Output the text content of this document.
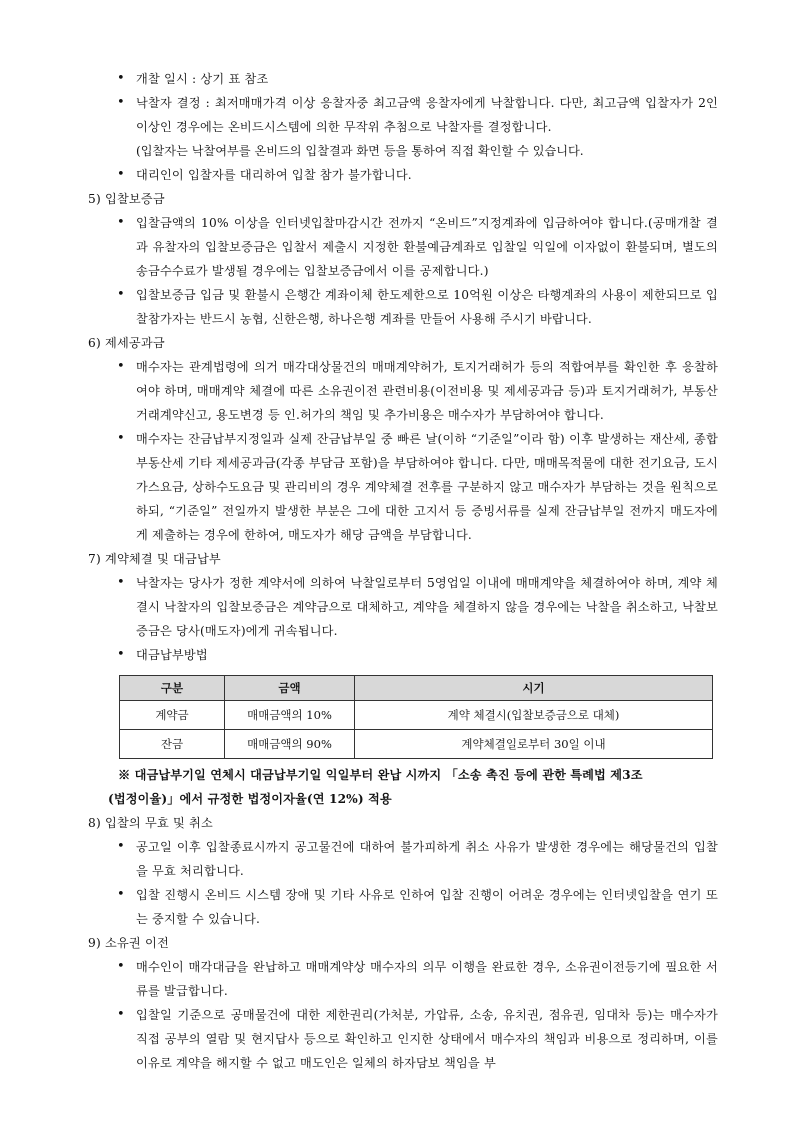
• 개찰 일시 : 상기 표 참조
• 낙찰자 결정 : 최저매매가격 이상 응찰자중 최고금액 응찰자에게 낙찰합니다. 다만, 최고금액 입찰자가 2인 이상인 경우에는 온비드시스템에 의한 무작위 추첨으로 낙찰자를 결정합니다.
(입찰자는 낙찰여부를 온비드의 입찰결과 화면 등을 통하여 직접 확인할 수 있습니다.
• 대리인이 입찰자를 대리하여 입찰 참가 불가합니다.
5) 입찰보증금
• 입찰금액의 10% 이상을 인터넷입찰마감시간 전까지 “온비드”지정계좌에 입금하여야 합니다.(공매개찰 결과 유찰자의 입찰보증금은 입찰서 제출시 지정한 환불예금계좌로 입찰일 익일에 이자없이 환불되며, 별도의 송금수수료가 발생될 경우에는 입찰보증금에서 이를 공제합니다.)
• 입찰보증금 입금 및 환불시 은행간 계좌이체 한도제한으로 10억원 이상은 타행계좌의 사용이 제한되므로 입찰참가자는 반드시 농협, 신한은행, 하나은행 계좌를 만들어 사용해 주시기 바랍니다.
6) 제세공과금
• 매수자는 관계법령에 의거 매각대상물건의 매매계약허가, 토지거래허가 등의 적합여부를 확인한 후 응찰하여야 하며, 매매계약 체결에 따른 소유권이전 관련비용(이전비용 및 제세공과금 등)과 토지거래허가, 부동산 거래계약신고, 용도변경 등 인.허가의 책임 및 추가비용은 매수자가 부담하여야 합니다.
• 매수자는 잔금납부지정일과 실제 잔금납부일 중 빠른 날(이하 “기준일”이라 함) 이후 발생하는 재산세, 종합부동산세 기타 제세공과금(각종 부담금 포함)을 부담하여야 합니다. 다만, 매매목적물에 대한 전기요금, 도시가스요금, 상하수도요금 및 관리비의 경우 계약체결 전후를 구분하지 않고 매수자가 부담하는 것을 원칙으로 하되, “기준일” 전일까지 발생한 부분은 그에 대한 고지서 등 증빙서류를 실제 잔금납부일 전까지 매도자에게 제출하는 경우에 한하여, 매도자가 해당 금액을 부담합니다.
7) 계약체결 및 대금납부
• 낙찰자는 당사가 정한 계약서에 의하여 낙찰일로부터 5영업일 이내에 매매계약을 체결하여야 하며, 계약 체결시 낙찰자의 입찰보증금은 계약금으로 대체하고, 계약을 체결하지 않을 경우에는 낙찰을 취소하고, 낙찰보증금은 당사(매도자)에게 귀속됩니다.
• 대금납부방법
구분	금액	시기
계약금	매매금액의 10%	계약 체결시(입찰보증금으로 대체)
잔금	매매금액의 90%	계약체결일로부터 30일 이내
※ 대금납부기일 연체시 대금납부기일 익일부터 완납 시까지 「소송 촉진 등에 관한 특례법 제3조
(법정이율)」에서 규정한 법정이자율(연 12%) 적용
8) 입찰의 무효 및 취소
• 공고일 이후 입찰종료시까지 공고물건에 대하여 불가피하게 취소 사유가 발생한 경우에는 해당물건의 입찰을 무효 처리합니다.
• 입찰 진행시 온비드 시스템 장애 및 기타 사유로 인하여 입찰 진행이 어려운 경우에는 인터넷입찰을 연기 또는 중지할 수 있습니다.
9) 소유권 이전
• 매수인이 매각대금을 완납하고 매매계약상 매수자의 의무 이행을 완료한 경우, 소유권이전등기에 필요한 서류를 발급합니다.
• 입찰일 기준으로 공매물건에 대한 제한권리(가처분, 가압류, 소송, 유치권, 점유권, 임대차 등)는 매수자가 직접 공부의 열람 및 현지답사 등으로 확인하고 인지한 상태에서 매수자의 책임과 비용으로 정리하며, 이를 이유로 계약을 해지할 수 없고 매도인은 일체의 하자담보 책임을 부
